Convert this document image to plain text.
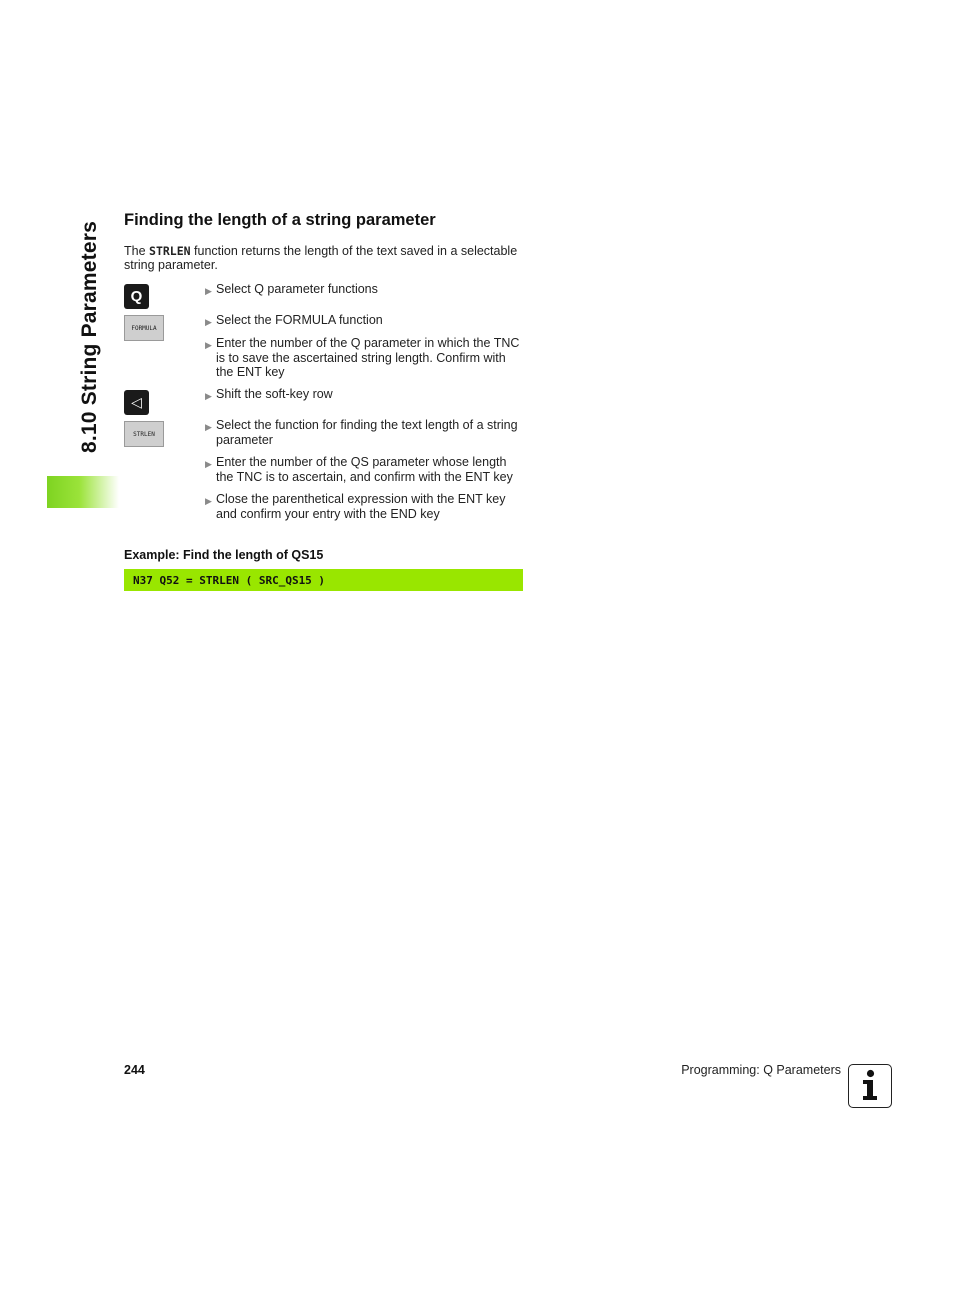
8.10 String Parameters
Finding the length of a string parameter

The STRLEN function returns the length of the text saved in a selectable string parameter.

Q
FORMULA
◁
STRLEN
▶ Select Q parameter functions
▶ Select the FORMULA function
▶ Enter the number of the Q parameter in which the TNC is to save the ascertained string length. Confirm with the ENT key
▶ Shift the soft-key row
▶ Select the function for finding the text length of a string parameter
▶ Enter the number of the QS parameter whose length the TNC is to ascertain, and confirm with the ENT key
▶ Close the parenthetical expression with the ENT key and confirm your entry with the END key

Example: Find the length of QS15

N37 Q52 = STRLEN ( SRC_QS15 )
244	Programming: Q Parameters
